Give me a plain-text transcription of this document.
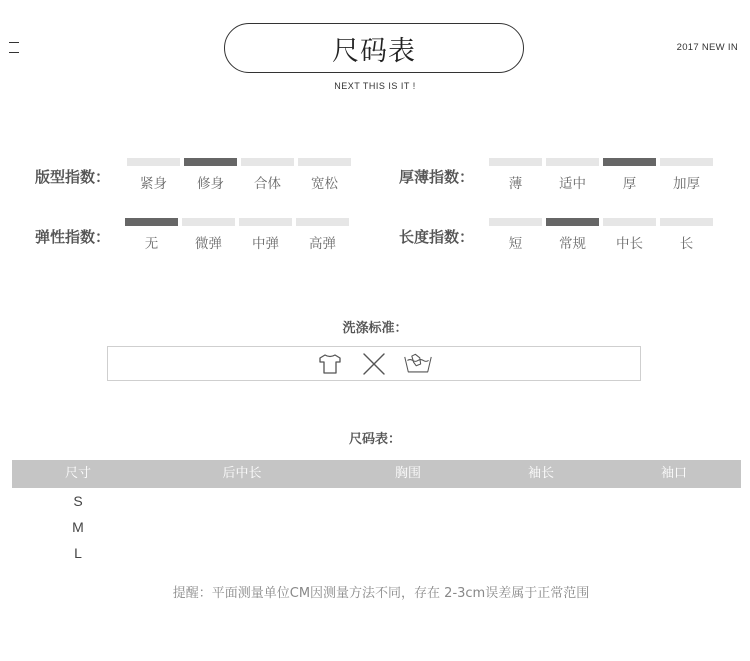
尺码表
NEXT THIS IS IT !
2017 NEW IN
版型指数： 紧身 修身 合体 宽松	厚薄指数：	薄	适中	厚	加厚
弹性指数：	无	微弹 中弹 高弹	长度指数：	短	常规 中长	长
洗涤标准：
尺码表：
尺寸	后中长	胸围	袖长	袖口
S
M
L
提醒：平面测量单位CM因测量方法不同，存在 2-3cm误差属于正常范围
